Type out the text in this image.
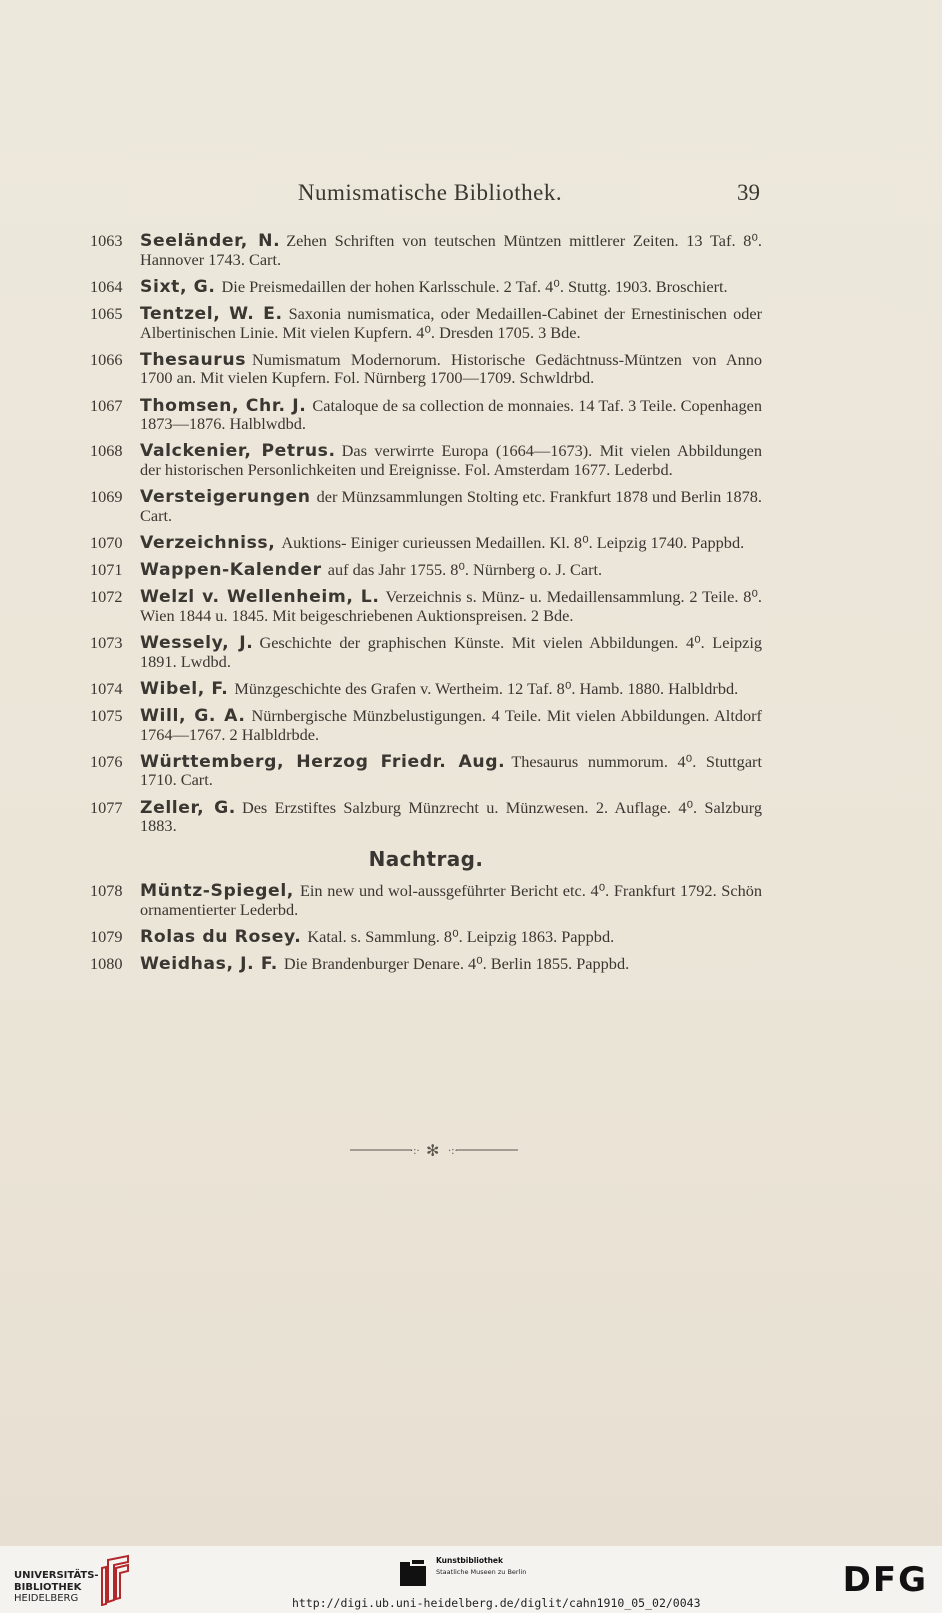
Numismatische Bibliothek.	39
1063	Seeländer, N. Zehen Schriften von teutschen Müntzen mittlerer Zeiten. 13 Taf. 8⁰. Hannover 1743. Cart.
1064	Sixt, G. Die Preismedaillen der hohen Karlsschule. 2 Taf. 4⁰. Stuttg. 1903. Broschiert.
1065	Tentzel, W. E. Saxonia numismatica, oder Medaillen-Cabinet der Ernestinischen oder Albertinischen Linie. Mit vielen Kupfern. 4⁰. Dresden 1705. 3 Bde.
1066	Thesaurus Numismatum Modernorum. Historische Gedächtnuss-Müntzen von Anno 1700 an. Mit vielen Kupfern. Fol. Nürnberg 1700—1709. Schwldrbd.
1067	Thomsen, Chr. J. Cataloque de sa collection de monnaies. 14 Taf. 3 Teile. Copenhagen 1873—1876. Halblwdbd.
1068	Valckenier, Petrus. Das verwirrte Europa (1664—1673). Mit vielen Abbildungen der historischen Personlichkeiten und Ereignisse. Fol. Amsterdam 1677. Lederbd.
1069	Versteigerungen der Münzsammlungen Stolting etc. Frankfurt 1878 und Berlin 1878. Cart.
1070	Verzeichniss, Auktions- Einiger curieussen Medaillen. Kl. 8⁰. Leipzig 1740. Pappbd.
1071	Wappen-Kalender auf das Jahr 1755. 8⁰. Nürnberg o. J. Cart.
1072	Welzl v. Wellenheim, L. Verzeichnis s. Münz- u. Medaillensammlung. 2 Teile. 8⁰. Wien 1844 u. 1845. Mit beigeschriebenen Auktionspreisen. 2 Bde.
1073	Wessely, J. Geschichte der graphischen Künste. Mit vielen Abbildungen. 4⁰. Leipzig 1891. Lwdbd.
1074	Wibel, F. Münzgeschichte des Grafen v. Wertheim. 12 Taf. 8⁰. Hamb. 1880. Halbldrbd.
1075	Will, G. A. Nürnbergische Münzbelustigungen. 4 Teile. Mit vielen Abbildungen. Altdorf 1764—1767. 2 Halbldrbde.
1076	Württemberg, Herzog Friedr. Aug. Thesaurus nummorum. 4⁰. Stuttgart 1710. Cart.
1077	Zeller, G. Des Erzstiftes Salzburg Münzrecht u. Münzwesen. 2. Auflage. 4⁰. Salzburg 1883.
Nachtrag.
1078	Müntz-Spiegel, Ein new und wol-aussgeführter Bericht etc. 4⁰. Frankfurt 1792. Schön ornamentierter Lederbd.
1079	Rolas du Rosey. Katal. s. Sammlung. 8⁰. Leipzig 1863. Pappbd.
1080	Weidhas, J. F. Die Brandenburger Denare. 4⁰. Berlin 1855. Pappbd.
·:· ✻ ·:·
UNIVERSITÄTS-
BIBLIOTHEK
HEIDELBERG
Kunstbibliothek
Staatliche Museen zu Berlin	DFG
http://digi.ub.uni-heidelberg.de/diglit/cahn1910_05_02/0043
